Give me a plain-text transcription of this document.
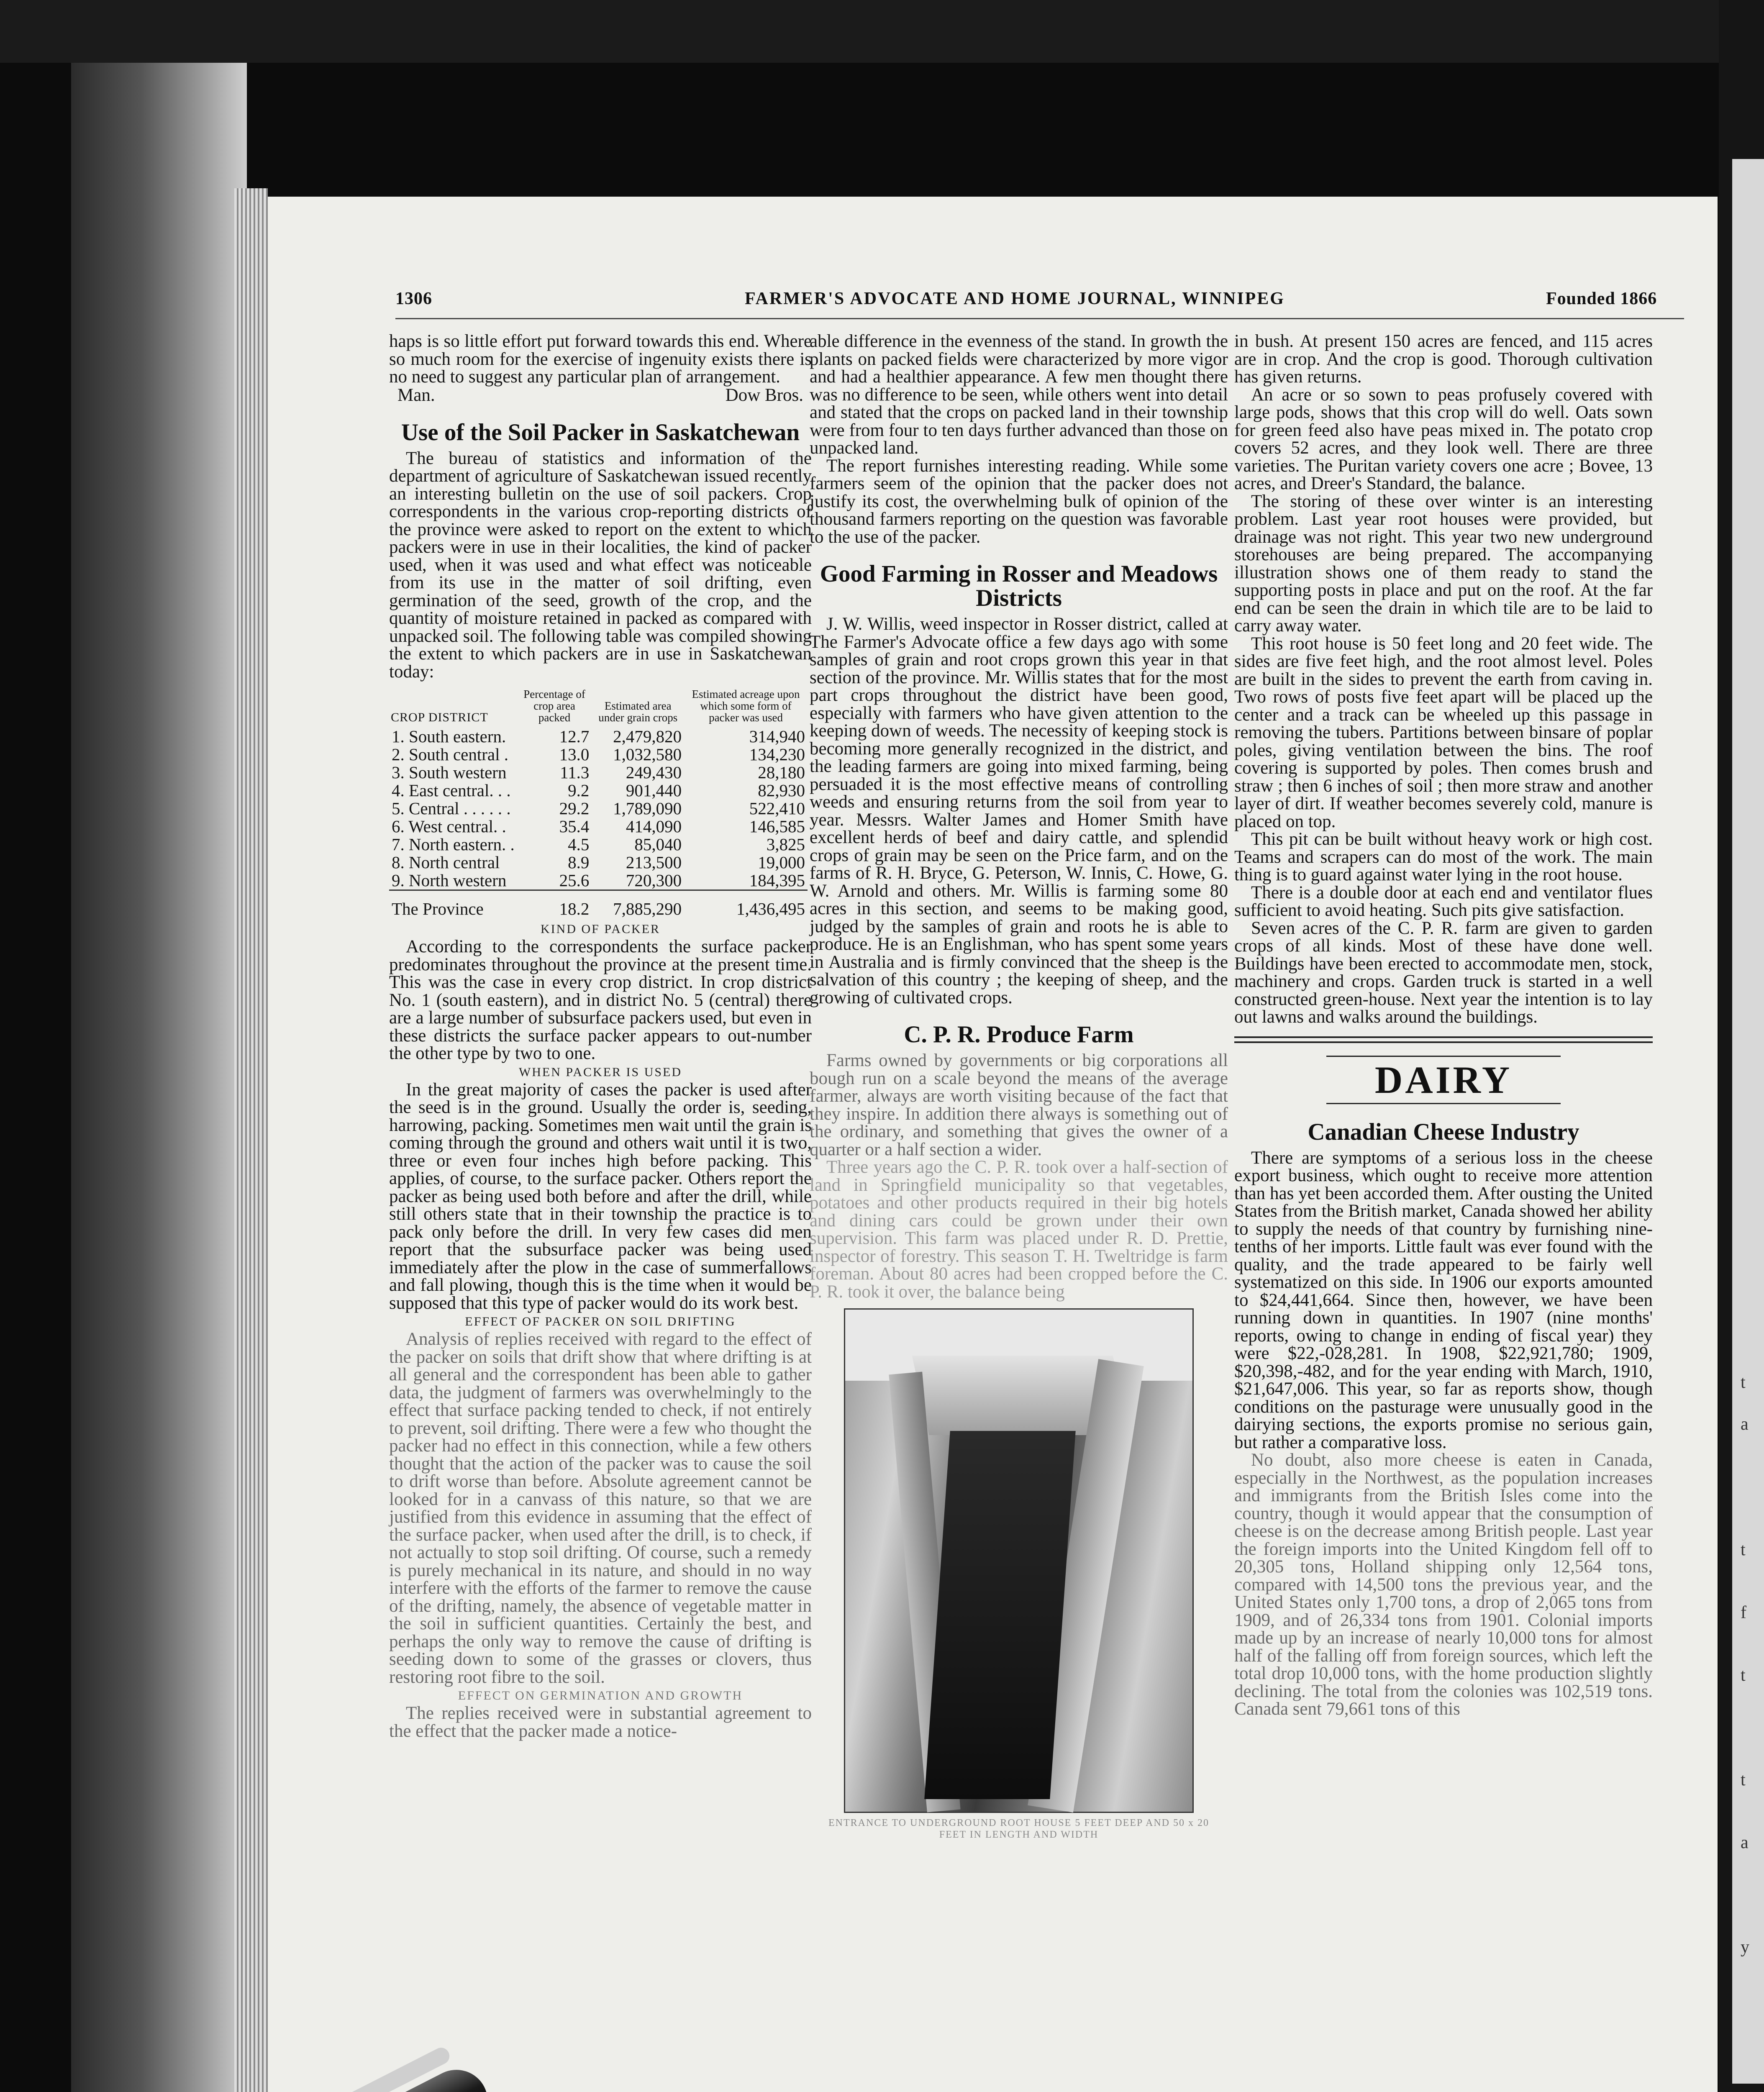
t
a
t
f
t
t
a
y
1306	FARMER'S ADVOCATE AND HOME JOURNAL, WINNIPEG	Founded 1866

haps is so little effort put forward towards this end. Where so much room for the exercise of ingenuity exists there is no need to suggest any particular plan of arrangement.

Man.	Dow Bros.
Use of the Soil Packer in Saskatchewan

The bureau of statistics and information of the department of agriculture of Saskatchewan issued recently an interesting bulletin on the use of soil packers. Crop correspondents in the various crop-reporting districts of the province were asked to report on the extent to which packers were in use in their localities, the kind of packer used, when it was used and what effect was noticeable from its use in the matter of soil drifting, even germination of the seed, growth of the crop, and the quantity of moisture retained in packed as compared with unpacked soil. The following table was compiled showing the extent to which packers are in use in Saskatchewan today:

CROP DISTRICT	Percentage of crop area packed	Estimated area under grain crops	Estimated acreage upon which some form of packer was used
1. South eastern.	12.7	2,479,820	314,940
2. South central .	13.0	1,032,580	134,230
3. South western	11.3	249,430	28,180
4. East central. . .	9.2	901,440	82,930
5. Central . . . . . .	29.2	1,789,090	522,410
6. West central. .	35.4	414,090	146,585
7. North eastern. .	4.5	85,040	3,825
8. North central	8.9	213,500	19,000
9. North western	25.6	720,300	184,395
The Province	18.2	7,885,290	1,436,495
KIND OF PACKER

According to the correspondents the surface packer predominates throughout the province at the present time. This was the case in every crop district. In crop district No. 1 (south eastern), and in district No. 5 (central) there are a large number of subsurface packers used, but even in these districts the surface packer appears to out-number the other type by two to one.

WHEN PACKER IS USED

In the great majority of cases the packer is used after the seed is in the ground. Usually the order is, seeding, harrowing, packing. Sometimes men wait until the grain is coming through the ground and others wait until it is two, three or even four inches high before packing. This applies, of course, to the surface packer. Others report the packer as being used both before and after the drill, while still others state that in their township the practice is to pack only before the drill. In very few cases did men report that the subsurface packer was being used immediately after the plow in the case of summerfallows and fall plowing, though this is the time when it would be supposed that this type of packer would do its work best.

EFFECT OF PACKER ON SOIL DRIFTING

Analysis of replies received with regard to the effect of the packer on soils that drift show that where drifting is at all general and the correspondent has been able to gather data, the judgment of farmers was overwhelmingly to the effect that surface packing tended to check, if not entirely to prevent, soil drifting. There were a few who thought the packer had no effect in this connection, while a few others thought that the action of the packer was to cause the soil to drift worse than before. Absolute agreement cannot be looked for in a canvass of this nature, so that we are justified from this evidence in assuming that the effect of the surface packer, when used after the drill, is to check, if not actually to stop soil drifting. Of course, such a remedy is purely mechanical in its nature, and should in no way interfere with the efforts of the farmer to remove the cause of the drifting, namely, the absence of vegetable matter in the soil in sufficient quantities. Certainly the best, and perhaps the only way to remove the cause of drifting is seeding down to some of the grasses or clovers, thus restoring root fibre to the soil.

EFFECT ON GERMINATION AND GROWTH

The replies received were in substantial agreement to the effect that the packer made a notice-

able difference in the evenness of the stand. In growth the plants on packed fields were characterized by more vigor and had a healthier appearance. A few men thought there was no difference to be seen, while others went into detail and stated that the crops on packed land in their township were from four to ten days further advanced than those on unpacked land.

The report furnishes interesting reading. While some farmers seem of the opinion that the packer does not justify its cost, the overwhelming bulk of opinion of the thousand farmers reporting on the question was favorable to the use of the packer.

Good Farming in Rosser and Meadows Districts

J. W. Willis, weed inspector in Rosser district, called at The Farmer's Advocate office a few days ago with some samples of grain and root crops grown this year in that section of the province. Mr. Willis states that for the most part crops throughout the district have been good, especially with farmers who have given attention to the keeping down of weeds. The necessity of keeping stock is becoming more generally recognized in the district, and the leading farmers are going into mixed farming, being persuaded it is the most effective means of controlling weeds and ensuring returns from the soil from year to year. Messrs. Walter James and Homer Smith have excellent herds of beef and dairy cattle, and splendid crops of grain may be seen on the Price farm, and on the farms of R. H. Bryce, G. Peterson, W. Innis, C. Howe, G. W. Arnold and others. Mr. Willis is farming some 80 acres in this section, and seems to be making good, judged by the samples of grain and roots he is able to produce. He is an Englishman, who has spent some years in Australia and is firmly convinced that the sheep is the salvation of this country ; the keeping of sheep, and the growing of cultivated crops.

C. P. R. Produce Farm

Farms owned by governments or big corporations all bough run on a scale beyond the means of the average farmer, always are worth visiting because of the fact that they inspire. In addition there always is something out of the ordinary, and something that gives the owner of a quarter or a half section a wider.

Three years ago the C. P. R. took over a half-section of land in Springfield municipality so that vegetables, potatoes and other products required in their big hotels and dining cars could be grown under their own supervision. This farm was placed under R. D. Prettie, inspector of forestry. This season T. H. Tweltridge is farm foreman. About 80 acres had been cropped before the C. P. R. took it over, the balance being

ENTRANCE TO UNDERGROUND ROOT HOUSE 5 FEET DEEP AND 50 x 20 FEET IN LENGTH AND WIDTH

in bush. At present 150 acres are fenced, and 115 acres are in crop. And the crop is good. Thorough cultivation has given returns.

An acre or so sown to peas profusely covered with large pods, shows that this crop will do well. Oats sown for green feed also have peas mixed in. The potato crop covers 52 acres, and they look well. There are three varieties. The Puritan variety covers one acre ; Bovee, 13 acres, and Dreer's Standard, the balance.

The storing of these over winter is an interesting problem. Last year root houses were provided, but drainage was not right. This year two new underground storehouses are being prepared. The accompanying illustration shows one of them ready to stand the supporting posts in place and put on the roof. At the far end can be seen the drain in which tile are to be laid to carry away water.

This root house is 50 feet long and 20 feet wide. The sides are five feet high, and the root almost level. Poles are built in the sides to prevent the earth from caving in. Two rows of posts five feet apart will be placed up the center and a track can be wheeled up this passage in removing the tubers. Partitions between binsare of poplar poles, giving ventilation between the bins. The roof covering is supported by poles. Then comes brush and straw ; then 6 inches of soil ; then more straw and another layer of dirt. If weather becomes severely cold, manure is placed on top.

This pit can be built without heavy work or high cost. Teams and scrapers can do most of the work. The main thing is to guard against water lying in the root house.

There is a double door at each end and ventilator flues sufficient to avoid heating. Such pits give satisfaction.

Seven acres of the C. P. R. farm are given to garden crops of all kinds. Most of these have done well. Buildings have been erected to accommodate men, stock, machinery and crops. Garden truck is started in a well constructed green-house. Next year the intention is to lay out lawns and walks around the buildings.

DAIRY
Canadian Cheese Industry

There are symptoms of a serious loss in the cheese export business, which ought to receive more attention than has yet been accorded them. After ousting the United States from the British market, Canada showed her ability to supply the needs of that country by furnishing nine-tenths of her imports. Little fault was ever found with the quality, and the trade appeared to be fairly well systematized on this side. In 1906 our exports amounted to $24,441,664. Since then, however, we have been running down in quantities. In 1907 (nine months' reports, owing to change in ending of fiscal year) they were $22,-028,281. In 1908, $22,921,780; 1909, $20,398,-482, and for the year ending with March, 1910, $21,647,006. This year, so far as reports show, though conditions on the pasturage were unusually good in the dairying sections, the exports promise no serious gain, but rather a comparative loss.

No doubt, also more cheese is eaten in Canada, especially in the Northwest, as the population increases and immigrants from the British Isles come into the country, though it would appear that the consumption of cheese is on the decrease among British people. Last year the foreign imports into the United Kingdom fell off to 20,305 tons, Holland shipping only 12,564 tons, compared with 14,500 tons the previous year, and the United States only 1,700 tons, a drop of 2,065 tons from 1909, and of 26,334 tons from 1901. Colonial imports made up by an increase of nearly 10,000 tons for almost half of the falling off from foreign sources, which left the total drop 10,000 tons, with the home production slightly declining. The total from the colonies was 102,519 tons. Canada sent 79,661 tons of this
